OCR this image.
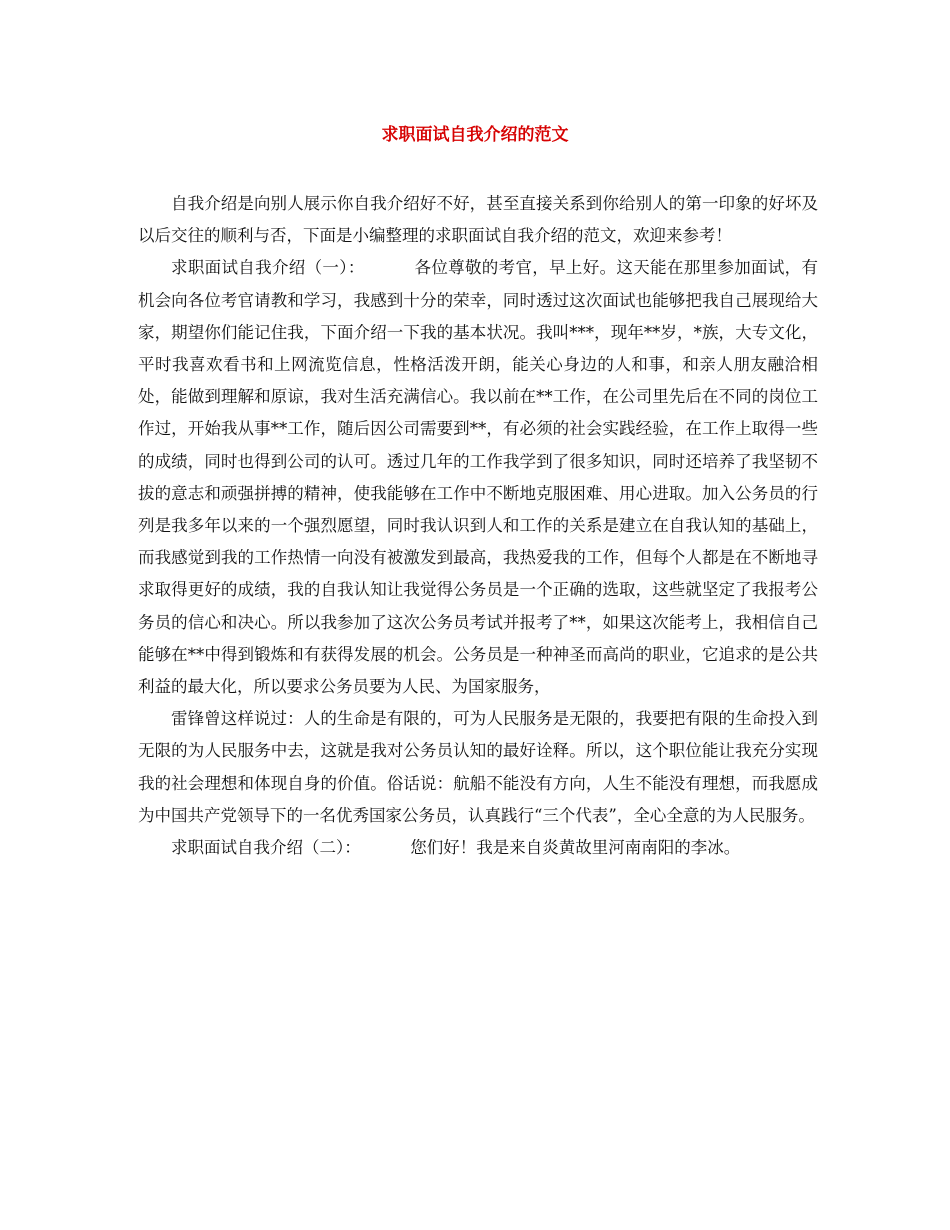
求职面试自我介绍的范文

自我介绍是向别人展示你自我介绍好不好，甚至直接关系到你给别人的第一印象的好坏及以后交往的顺利与否，下面是小编整理的求职面试自我介绍的范文，欢迎来参考！

求职面试自我介绍（一）：	各位尊敬的考官，早上好。这天能在那里参加面试，有机会向各位考官请教和学习，我感到十分的荣幸，同时透过这次面试也能够把我自己展现给大家，期望你们能记住我，下面介绍一下我的基本状况。我叫***，现年**岁，*族，大专文化，平时我喜欢看书和上网流览信息，性格活泼开朗，能关心身边的人和事，和亲人朋友融洽相处，能做到理解和原谅，我对生活充满信心。我以前在**工作，在公司里先后在不同的岗位工作过，开始我从事**工作，随后因公司需要到**，有必须的社会实践经验，在工作上取得一些的成绩，同时也得到公司的认可。透过几年的工作我学到了很多知识，同时还培养了我坚韧不拔的意志和顽强拼搏的精神，使我能够在工作中不断地克服困难、用心进取。加入公务员的行列是我多年以来的一个强烈愿望，同时我认识到人和工作的关系是建立在自我认知的基础上，而我感觉到我的工作热情一向没有被激发到最高，我热爱我的工作，但每个人都是在不断地寻求取得更好的成绩，我的自我认知让我觉得公务员是一个正确的选取，这些就坚定了我报考公务员的信心和决心。所以我参加了这次公务员考试并报考了**，如果这次能考上，我相信自己能够在**中得到锻炼和有获得发展的机会。公务员是一种神圣而高尚的职业，它追求的是公共利益的最大化，所以要求公务员要为人民、为国家服务，

雷锋曾这样说过：人的生命是有限的，可为人民服务是无限的，我要把有限的生命投入到无限的为人民服务中去，这就是我对公务员认知的最好诠释。所以，这个职位能让我充分实现我的社会理想和体现自身的价值。俗话说：航船不能没有方向，人生不能没有理想，而我愿成为中国共产党领导下的一名优秀国家公务员，认真践行“三个代表”，全心全意的为人民服务。

求职面试自我介绍（二）：	您们好！我是来自炎黄故里河南南阳的李冰。
